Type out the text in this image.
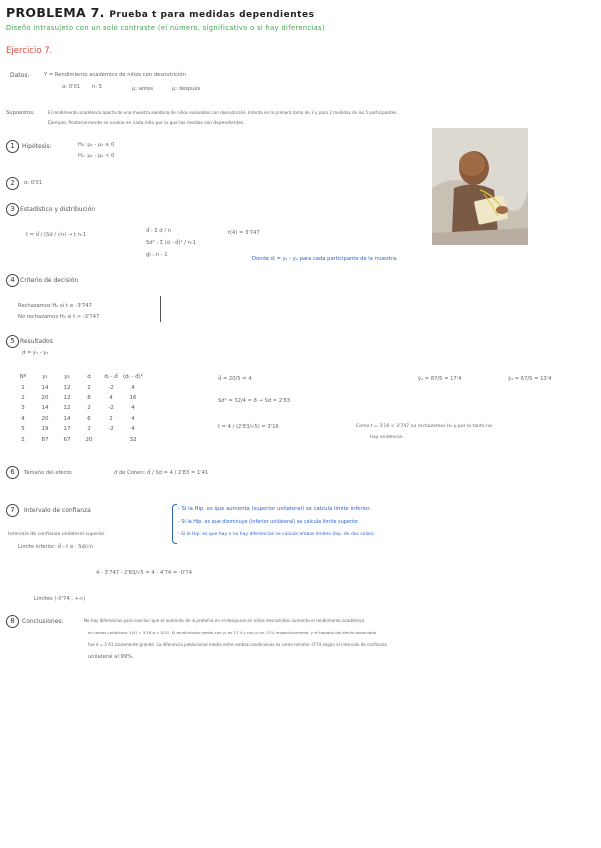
PROBLEMA 7. Prueba t para medidas dependientes
Diseño intrasujeto con un solo contraste (el número, significativo o si hay diferencias)
Ejercicio 7.
Datos:	Y = Rendimiento académico de niños con desnutrición
α: 0'01 n: 5	μ: antes	μ: después
Supuestos:	El rendimiento académico aporta de una muestra aleatoria de niños evaluados con desnutrición. Intenta en la primera toma de 3 y para 2 medidas de los 5 participantes.
Ejemplo: Posteriormente se evalúa en cada niño por lo que las medias son dependientes.
1	Hipótesis:	H₀: μ₁ - μ₂ ≥ 0
H₁: μ₁ - μ₂ < 0
2	α: 0'01
3 Estadístico y distribución
t = d̄ / (Sd / √n) → t n-1
d̄ : Σ d / n
Sd² : Σ (d - d̄)² / n-1
gl : n - 1
t(4) = 3'747
Donde dᵢ = y₁ - y₂ para cada participante de la muestra.
4 Criterio de decisión
Rechazamos H₀ si t ≤ -3'747
No rechazamos H₀ si t > -3'747
5 Resultados
d = y₁ - y₂
Nº	y₁	y₂	d	dᵢ - d̄	(dᵢ - d̄)²
1	14	12	2	-2	4
2	20	12	8	4	16
3	14	12	2	-2	4
4	20	14	6	2	4
5	19	17	2	-2	4
Σ	87	67	20		32
d̄ = 20/5 = 4
Sd² = 32/4 = 8 → Sd = 2'83
t = 4 / (2'83/√5) = 3'16
ȳ₁ = 87/5 = 17'4	ȳ₂ = 67/5 = 13'4
Como t = 3'16 < 3'747 no rechazamos H₀ y por lo tanto no
hay evidencia.
6	Tamaño del efecto	d de Cohen: d̄ / Sd = 4 / 2'83 = 1'41
7	Intervalo de confianza	- Si la Hip. es que aumenta (superior unilateral) se calcula límite inferior.
- Si la Hip. es que disminuye (inferior unilateral) se calcula límite superior.
- Si la Hip. es que hay o no hay diferencias se calcula ambos límites (bip. de dos colas).
Intervalo de confianza unilateral superior
Límite inferior: d̄ - t α · Sd/√n
4 - 3'747 · 2'83/√5 = 4 - 4'74 = -0'74
Límites (-0'74 , +∞)
8	Conclusiones:	No hay diferencias para concluir que el aumento de la proteína en el desayuno en niños desnutridos aumenta el rendimiento académico
en tareas cotidianas, t(4) = 3'16 p > 0'01. El rendimiento medio con y₁ es 17'4 y con y₂ es 13'4 respectivamente, y el tamaño del efecto observado
fue d = 1'41 claramente grande. La diferencia poblacional media entre ambas condiciones es como mínimo -0'74 según el intervalo de confianza
unilateral al 99%.
